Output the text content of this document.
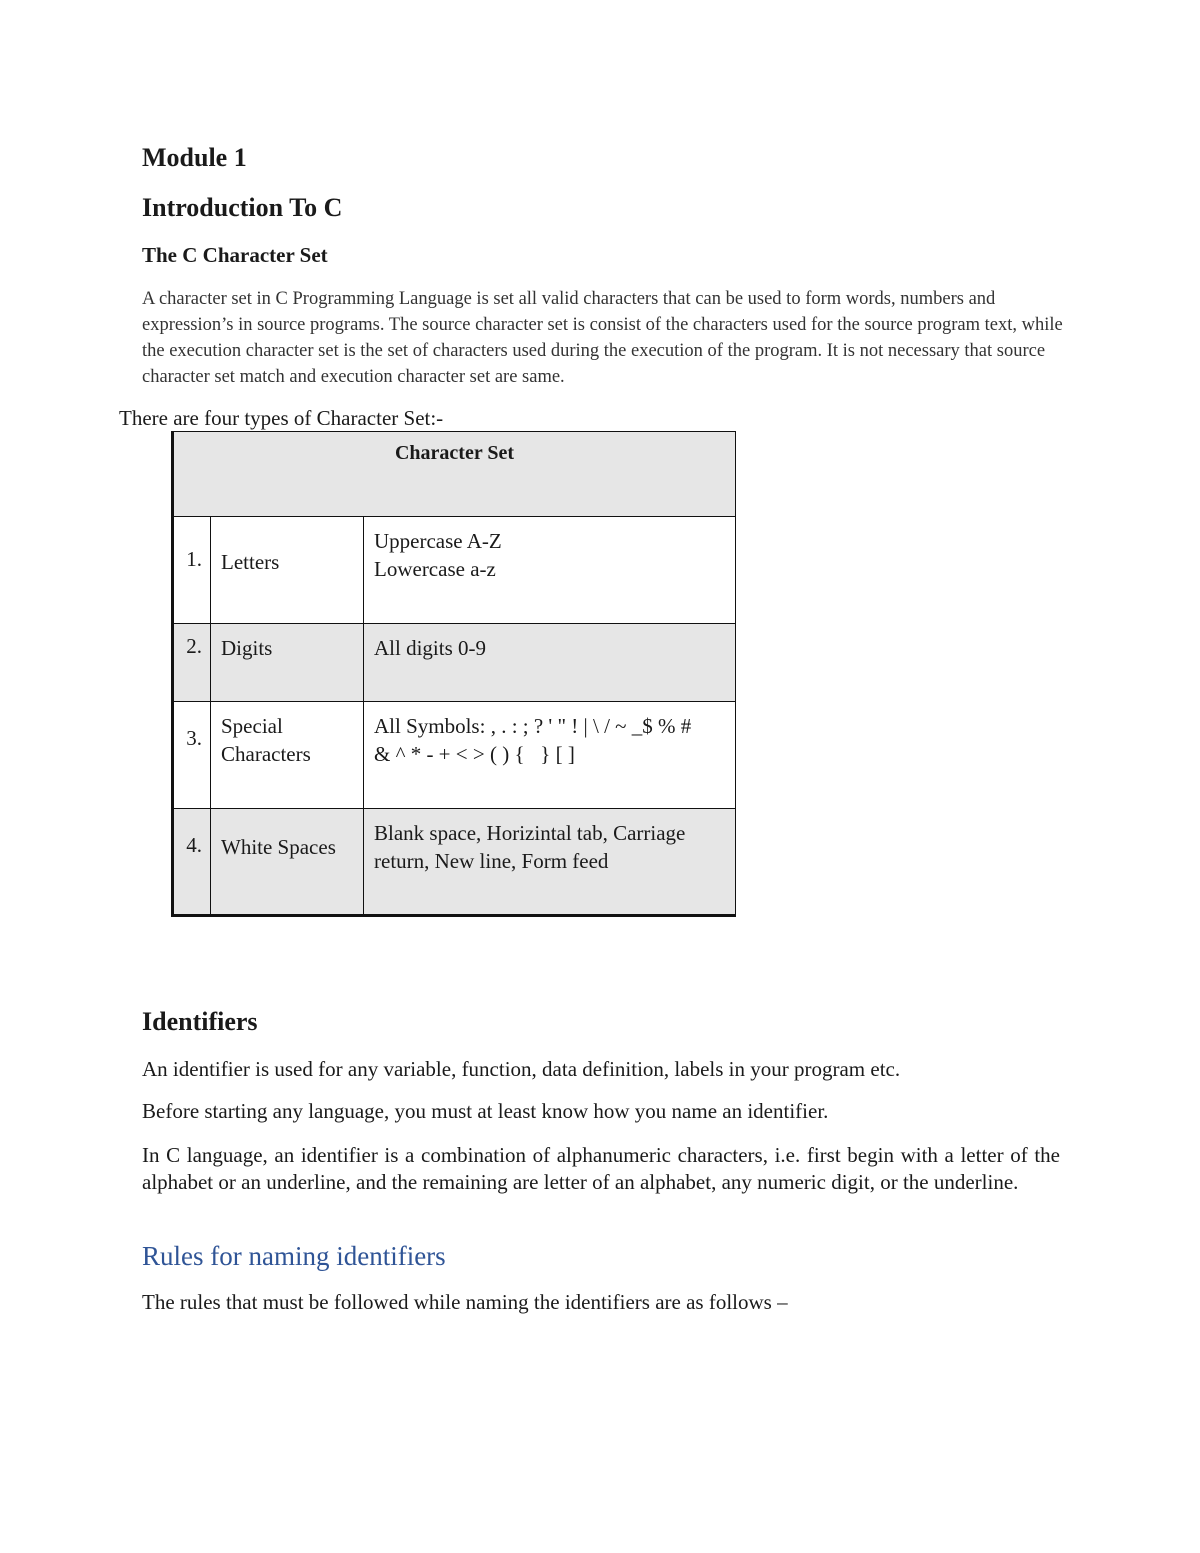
Module 1
Introduction To C
The C Character Set

A character set in C Programming Language is set all valid characters that can be used to form words, numbers and expression’s in source programs. The source character set is consist of the characters used for the source program text, while the execution character set is the set of characters used during the execution of the program. It is not necessary that source character set match and execution character set are same.

There are four types of Character Set:-

Character Set		

1.	Letters	Uppercase A-Z
Lowercase a-z

2.	Digits	All digits 0-9

3.	Special
Characters	All Symbols: , . : ; ? ' " ! | \ / ~ _$ % #
& ^ * - + < > ( ) {   } [ ]

4.	White Spaces	Blank space, Horizintal tab, Carriage
return, New line, Form feed
Identifiers

An identifier is used for any variable, function, data definition, labels in your program etc.

Before starting any language, you must at least know how you name an identifier.

In C language, an identifier is a combination of alphanumeric characters, i.e. first begin with a letter of the alphabet or an underline, and the remaining are letter of an alphabet, any numeric digit, or the underline.

Rules for naming identifiers

The rules that must be followed while naming the identifiers are as follows –
